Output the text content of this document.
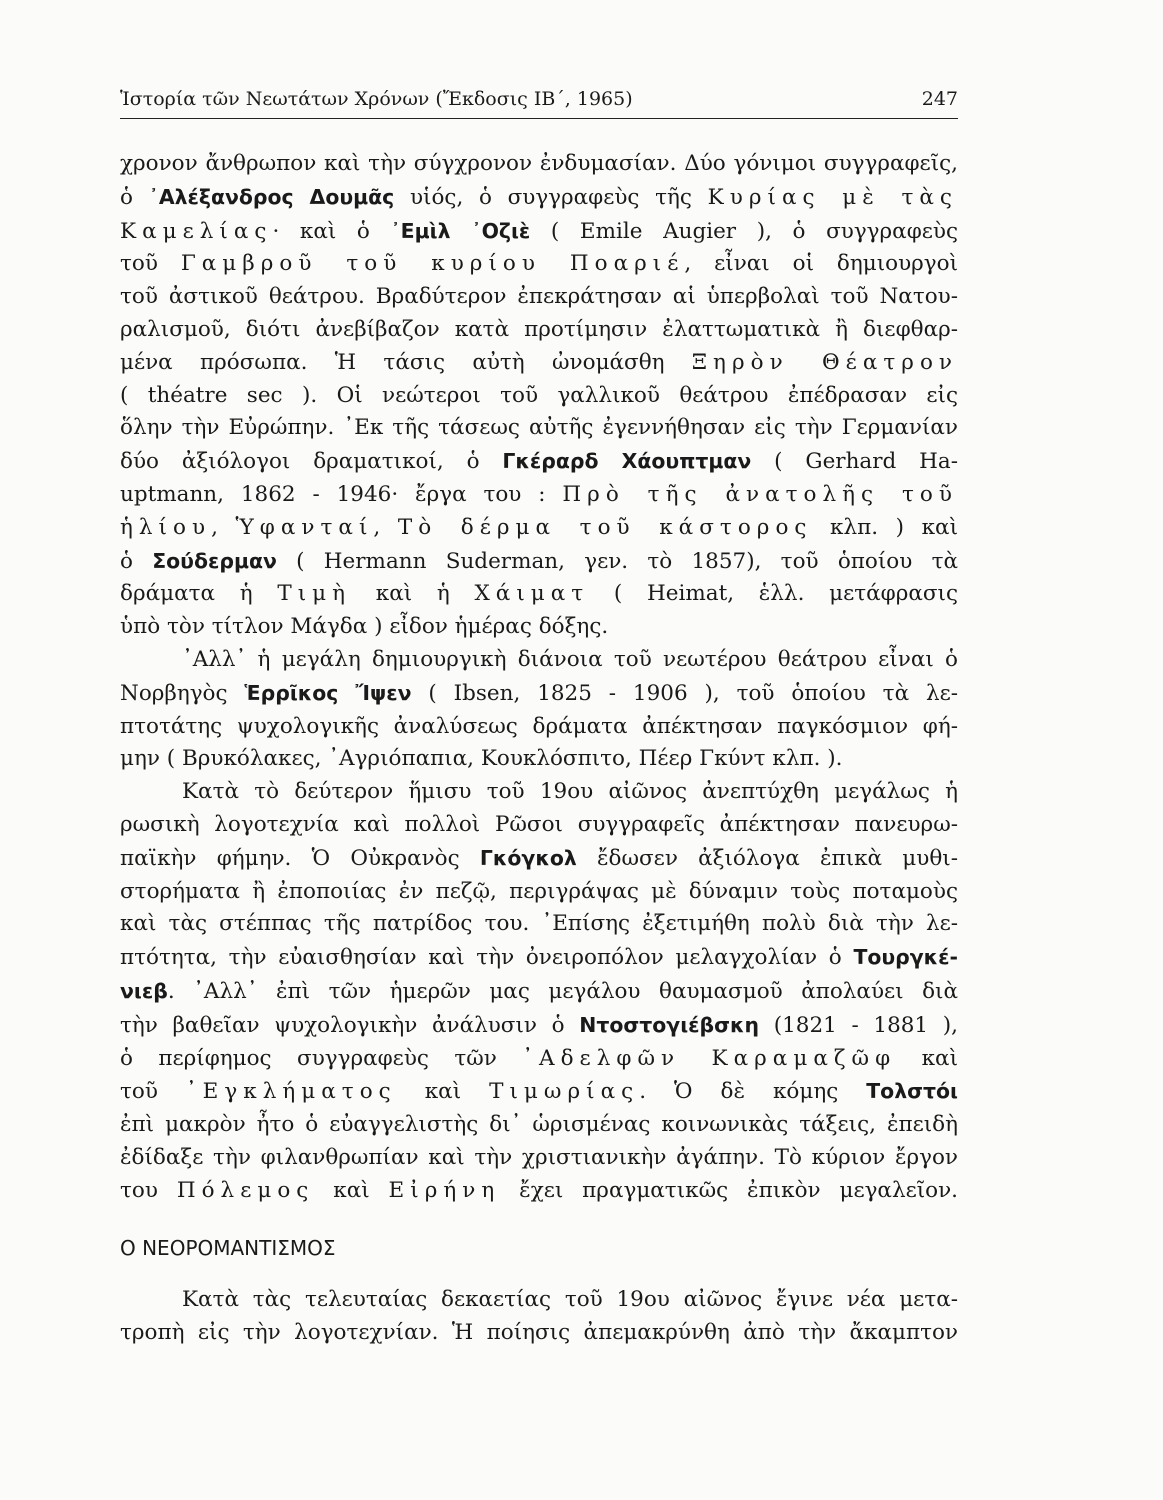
Ἱστορία τῶν Νεωτάτων Χρόνων (Ἔκδοσις ΙΒ΄, 1965)	247
χρονον ἄνθρωπον καὶ τὴν σύγχρονον ἐνδυμασίαν. Δύο γόνιμοι συγγραφεῖς,
ὁ ᾿Αλέξανδρος Δουμᾶς υἱός, ὁ συγγραφεὺς τῆς Κυρίας μὲ τὰς
Καμελίας· καὶ ὁ ᾿Εμὶλ ᾿Οζιὲ ( Emile Augier ), ὁ συγγραφεὺς
τοῦ Γαμβροῦ τοῦ κυρίου Ποαριέ, εἶναι οἱ δημιουργοὶ
τοῦ ἀστικοῦ θεάτρου. Βραδύτερον ἐπεκράτησαν αἱ ὑπερβολαὶ τοῦ Νατου-
ραλισμοῦ, διότι ἀνεβίβαζον κατὰ προτίμησιν ἐλαττωματικὰ ἢ διεφθαρ-
μένα πρόσωπα. Ἡ τάσις αὐτὴ ὠνομάσθη Ξηρὸν Θέατρον
( théatre sec ). Οἱ νεώτεροι τοῦ γαλλικοῦ θεάτρου ἐπέδρασαν εἰς
ὅλην τὴν Εὐρώπην. ᾿Εκ τῆς τάσεως αὐτῆς ἐγεννήθησαν εἰς τὴν Γερμανίαν
δύο ἀξιόλογοι δραματικοί, ὁ Γκέραρδ Χάουπτμαν ( Gerhard Ha-
uptmann, 1862 - 1946· ἔργα του : Πρὸ τῆς ἀνατολῆς τοῦ
ἡλίου, Ὑφανταί, Τὸ δέρμα τοῦ κάστορος κλπ. ) καὶ
ὁ Σούδερμαν ( Hermann Suderman, γεν. τὸ 1857), τοῦ ὁποίου τὰ
δράματα ἡ Τιμὴ καὶ ἡ Χάιματ ( Heimat, ἑλλ. μετάφρασις
ὑπὸ τὸν τίτλον Μάγδα ) εἶδον ἡμέρας δόξης.
᾿Αλλ᾿ ἡ μεγάλη δημιουργικὴ διάνοια τοῦ νεωτέρου θεάτρου εἶναι ὁ
Νορβηγὸς Ἑρρῖκος Ἴψεν ( Ibsen, 1825 - 1906 ), τοῦ ὁποίου τὰ λε-
πτοτάτης ψυχολογικῆς ἀναλύσεως δράματα ἀπέκτησαν παγκόσμιον φή-
μην ( Βρυκόλακες, ᾿Αγριόπαπια, Κουκλόσπιτο, Πέερ Γκύντ κλπ. ).
Κατὰ τὸ δεύτερον ἥμισυ τοῦ 19ου αἰῶνος ἀνεπτύχθη μεγάλως ἡ
ρωσικὴ λογοτεχνία καὶ πολλοὶ Ρῶσοι συγγραφεῖς ἀπέκτησαν πανευρω-
παϊκὴν φήμην. Ὁ Οὐκρανὸς Γκόγκολ ἔδωσεν ἀξιόλογα ἐπικὰ μυθι-
στορήματα ἢ ἐποποιίας ἐν πεζῷ, περιγράψας μὲ δύναμιν τοὺς ποταμοὺς
καὶ τὰς στέππας τῆς πατρίδος του. ᾿Επίσης ἐξετιμήθη πολὺ διὰ τὴν λε-
πτότητα, τὴν εὐαισθησίαν καὶ τὴν ὀνειροπόλον μελαγχολίαν ὁ Τουργκέ-
νιεβ. ᾿Αλλ᾿ ἐπὶ τῶν ἡμερῶν μας μεγάλου θαυμασμοῦ ἀπολαύει διὰ
τὴν βαθεῖαν ψυχολογικὴν ἀνάλυσιν ὁ Ντοστογιέβσκη (1821 - 1881 ),
ὁ περίφημος συγγραφεὺς τῶν ᾿Αδελφῶν Καραμαζῶφ καὶ
τοῦ ᾿Εγκλήματος καὶ Τιμωρίας. Ὁ δὲ κόμης Τολστόι
ἐπὶ μακρὸν ἦτο ὁ εὐαγγελιστὴς δι᾿ ὡρισμένας κοινωνικὰς τάξεις, ἐπειδὴ
ἐδίδαξε τὴν φιλανθρωπίαν καὶ τὴν χριστιανικὴν ἀγάπην. Τὸ κύριον ἔργον
του Πόλεμος καὶ Εἰρήνη ἔχει πραγματικῶς ἐπικὸν μεγαλεῖον.
Ο ΝΕΟΡΟΜΑΝΤΙΣΜΟΣ
Κατὰ τὰς τελευταίας δεκαετίας τοῦ 19ου αἰῶνος ἔγινε νέα μετα-
τροπὴ εἰς τὴν λογοτεχνίαν. Ἡ ποίησις ἀπεμακρύνθη ἀπὸ τὴν ἄκαμπτον
